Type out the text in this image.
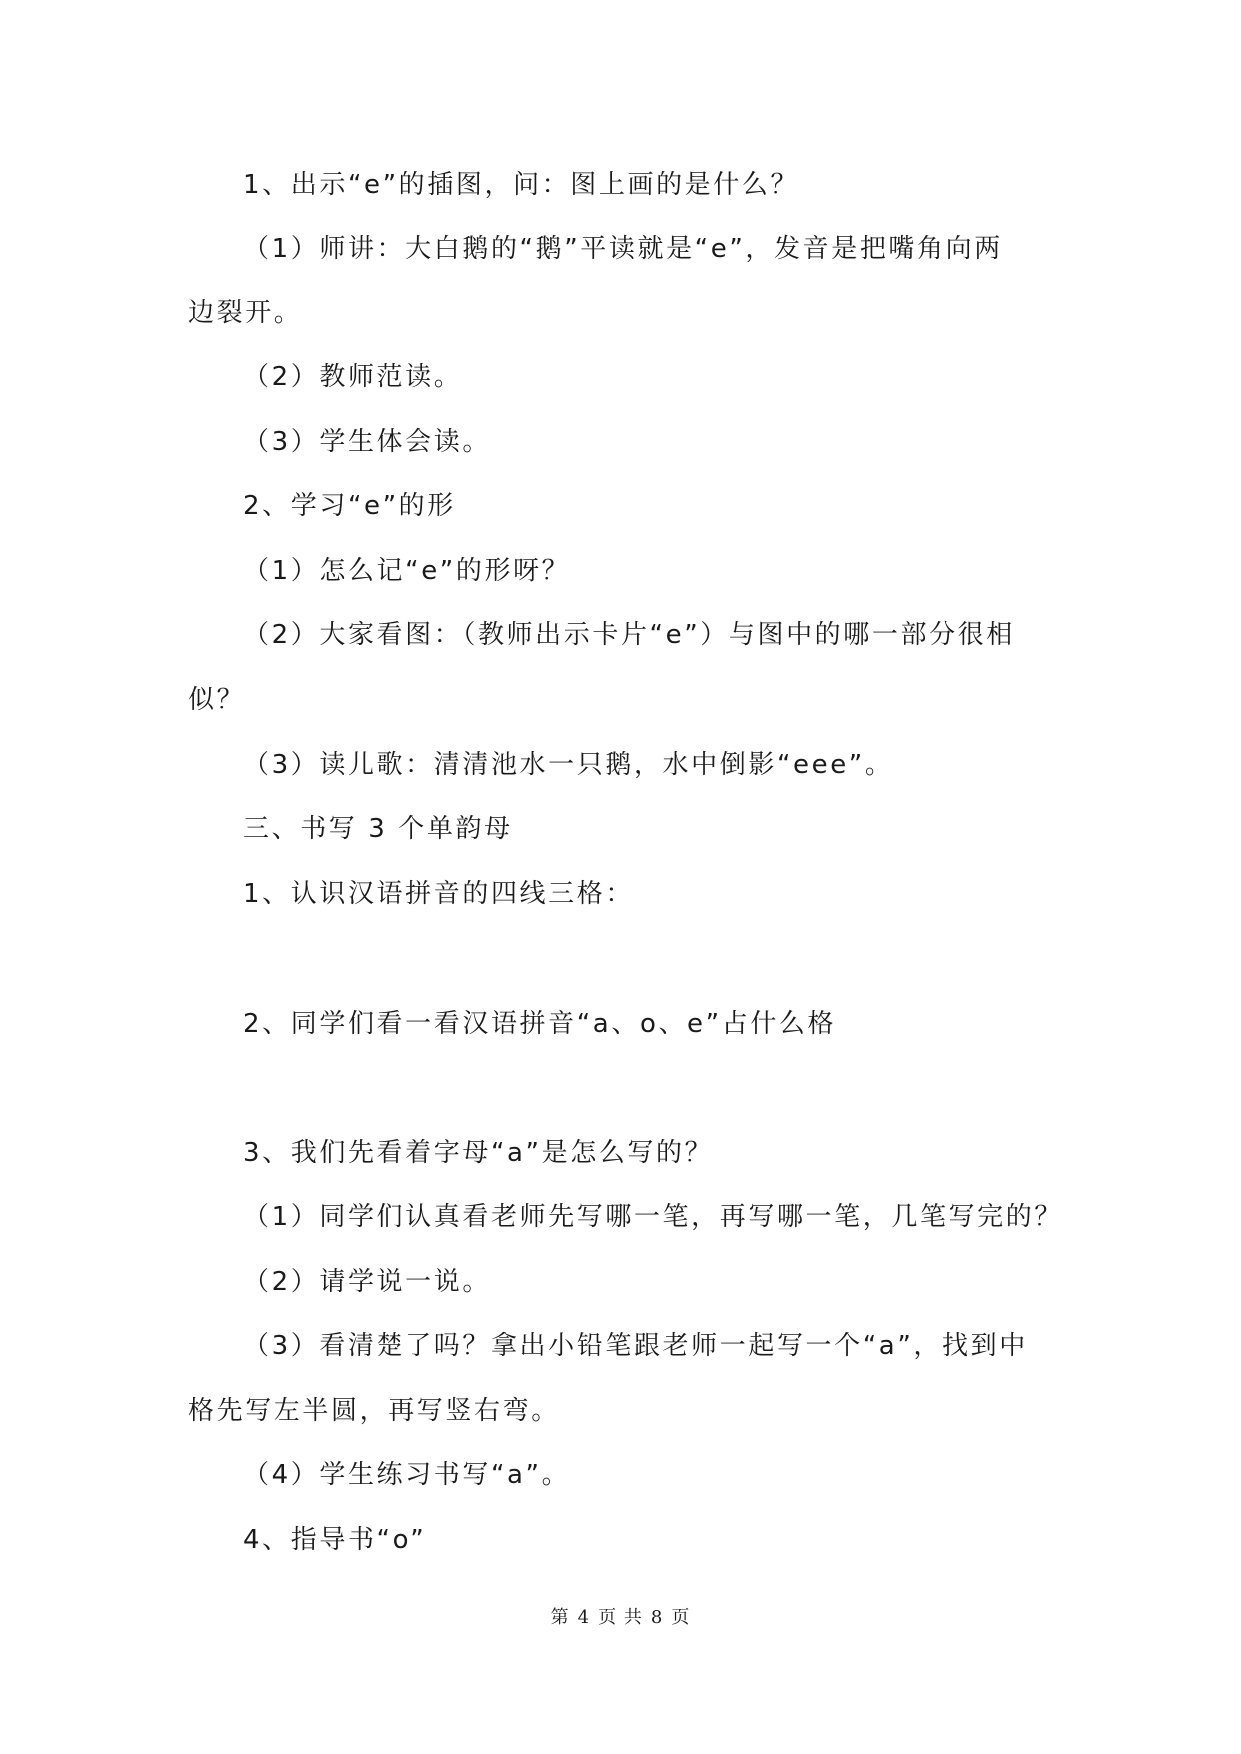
1、出示“e”的插图，问：图上画的是什么？

（1）师讲：大白鹅的“鹅”平读就是“e”，发音是把嘴角向两

边裂开。

（2）教师范读。

（3）学生体会读。

2、学习“e”的形

（1）怎么记“e”的形呀？

（2）大家看图：（教师出示卡片“e”）与图中的哪一部分很相

似？

（3）读儿歌：清清池水一只鹅，水中倒影“eee”。

三、书写 3 个单韵母

1、认识汉语拼音的四线三格：

2、同学们看一看汉语拼音“a、o、e”占什么格

3、我们先看着字母“a”是怎么写的？

（1）同学们认真看老师先写哪一笔，再写哪一笔，几笔写完的？

（2）请学说一说。

（3）看清楚了吗？拿出小铅笔跟老师一起写一个“a”，找到中

格先写左半圆，再写竖右弯。

（4）学生练习书写“a”。

4、指导书“o”

第 4 页 共 8 页
